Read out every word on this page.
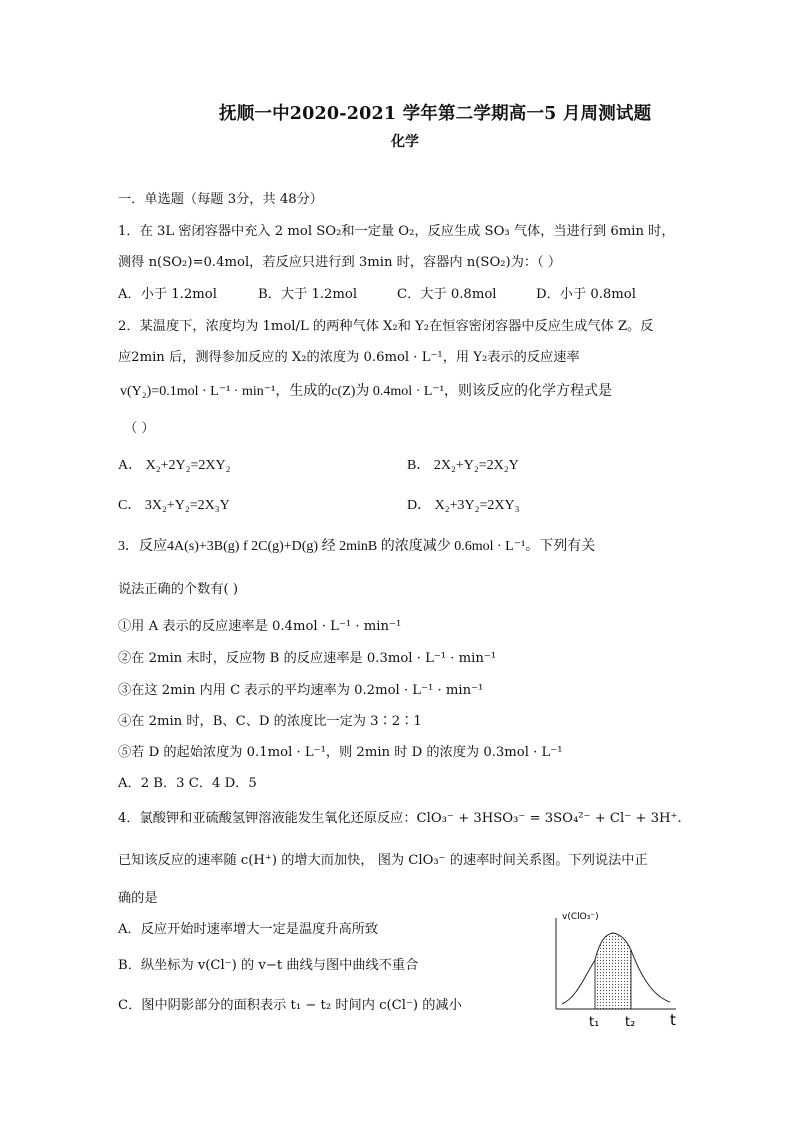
抚顺一中2020-2021 学年第二学期高一5 月周测试题
化学
一．单选题（每题 3分，共 48分）
1．在 3L 密闭容器中充入 2 mol SO₂和一定量 O₂，反应生成 SO₃ 气体，当进行到 6min 时，
测得 n(SO₂)=0.4mol，若反应只进行到 3min 时，容器内 n(SO₂)为：（ ）
A．小于 1.2mol	B．大于 1.2mol	C．大于 0.8mol	D．小于 0.8mol
2．某温度下，浓度均为 1mol/L 的两种气体 X₂和 Y₂在恒容密闭容器中反应生成气体 Z。反
应2min 后，测得参加反应的 X₂的浓度为 0.6mol · L⁻¹，用 Y₂表示的反应速率
v(Y₂)=0.1mol · L⁻¹ · min⁻¹，生成的c(Z)为 0.4mol · L⁻¹，则该反应的化学方程式是
（ ）
A． X₂+2Y₂=2XY₂	B． 2X₂+Y₂=2X₂Y
C． 3X₂+Y₂=2X₃Y	D． X₂+3Y₂=2XY₃
3．反应4A(s)+3B(g) f 2C(g)+D(g) 经 2minB 的浓度减少 0.6mol · L⁻¹。下列有关
说法正确的个数有( )
①用 A 表示的反应速率是 0.4mol · L⁻¹ · min⁻¹
②在 2min 末时，反应物 B 的反应速率是 0.3mol · L⁻¹ · min⁻¹
③在这 2min 内用 C 表示的平均速率为 0.2mol · L⁻¹ · min⁻¹
④在 2min 时，B、C、D 的浓度比一定为 3∶2∶1
⑤若 D 的起始浓度为 0.1mol · L⁻¹，则 2min 时 D 的浓度为 0.3mol · L⁻¹
A．2 B．3 C．4 D．5
4．氯酸钾和亚硫酸氢钾溶液能发生氧化还原反应：ClO₃⁻ + 3HSO₃⁻ = 3SO₄²⁻ + Cl⁻ + 3H⁺.
已知该反应的速率随 c(H⁺) 的增大而加快， 图为 ClO₃⁻ 的速率时间关系图。下列说法中正
确的是
A．反应开始时速率增大一定是温度升高所致
B．纵坐标为 v(Cl⁻) 的 v−t 曲线与图中曲线不重合
C．图中阴影部分的面积表示 t₁ − t₂ 时间内 c(Cl⁻) 的减小
v(ClO₃⁻)
t₁ t₂ t
